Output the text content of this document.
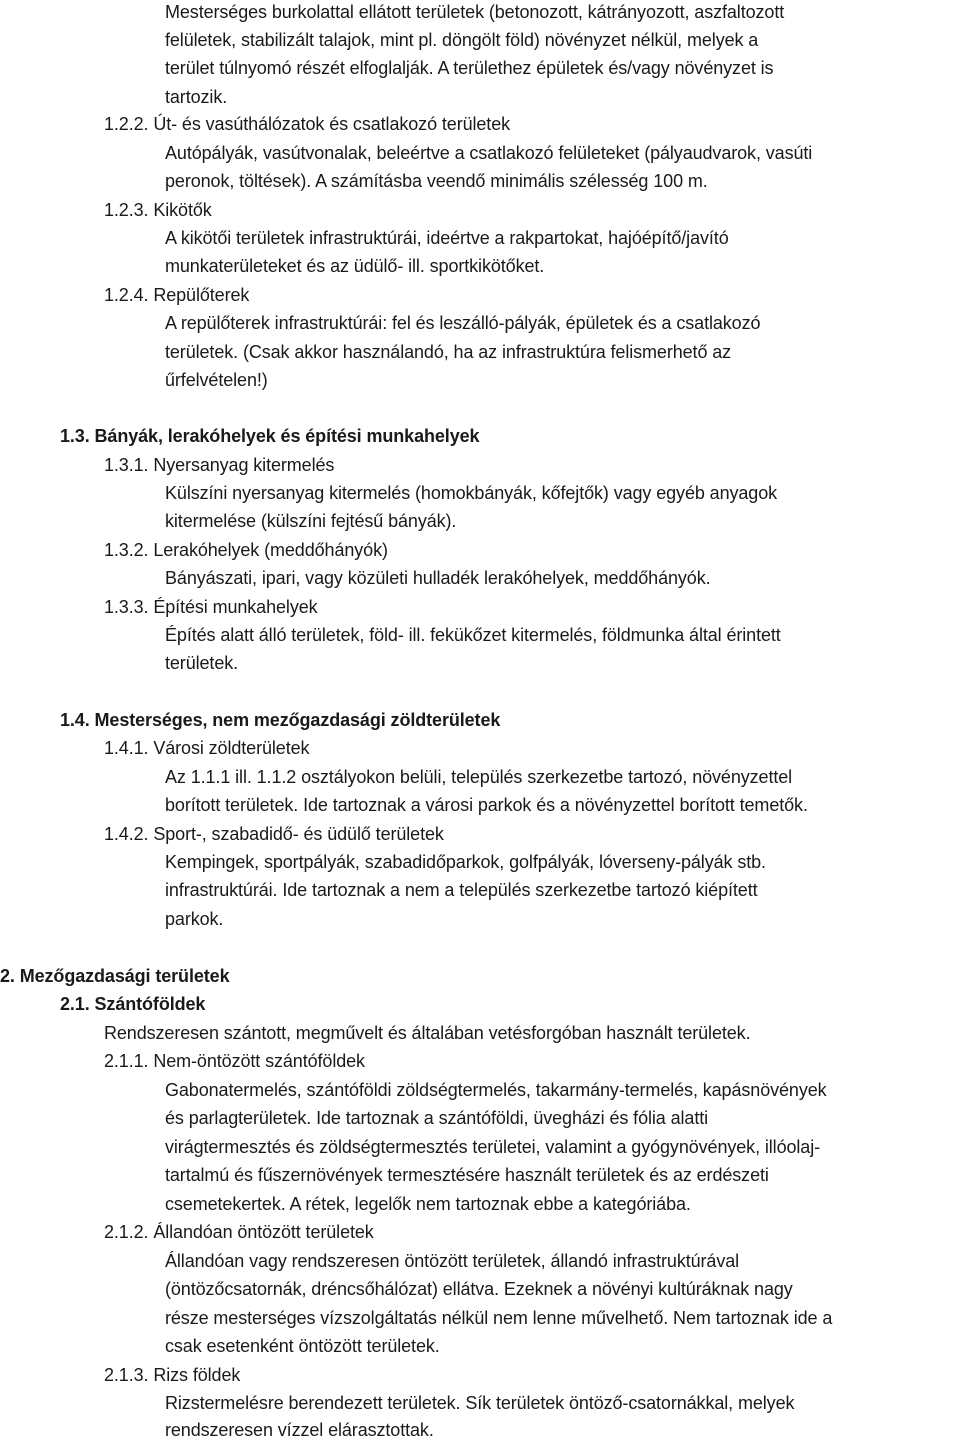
Mesterséges burkolattal ellátott területek (betonozott, kátrányozott, aszfaltozott
felületek, stabilizált talajok, mint pl. döngölt föld) növényzet nélkül, melyek a
terület túlnyomó részét elfoglalják. A területhez épületek és/vagy növényzet is
tartozik.
1.2.2. Út- és vasúthálózatok és csatlakozó területek
Autópályák, vasútvonalak, beleértve a csatlakozó felületeket (pályaudvarok, vasúti
peronok, töltések). A számításba veendő minimális szélesség 100 m.
1.2.3. Kikötők
A kikötői területek infrastruktúrái, ideértve a rakpartokat, hajóépítő/javító
munkaterületeket és az üdülő- ill. sportkikötőket.
1.2.4. Repülőterek
A repülőterek infrastruktúrái: fel és leszálló-pályák, épületek és a csatlakozó
területek. (Csak akkor használandó, ha az infrastruktúra felismerhető az
űrfelvételen!)
1.3. Bányák, lerakóhelyek és építési munkahelyek
1.3.1. Nyersanyag kitermelés
Külszíni nyersanyag kitermelés (homokbányák, kőfejtők) vagy egyéb anyagok
kitermelése (külszíni fejtésű bányák).
1.3.2. Lerakóhelyek (meddőhányók)
Bányászati, ipari, vagy közületi hulladék lerakóhelyek, meddőhányók.
1.3.3. Építési munkahelyek
Építés alatt álló területek, föld- ill. fekükőzet kitermelés, földmunka által érintett
területek.
1.4. Mesterséges, nem mezőgazdasági zöldterületek
1.4.1. Városi zöldterületek
Az 1.1.1 ill. 1.1.2 osztályokon belüli, település szerkezetbe tartozó, növényzettel
borított területek. Ide tartoznak a városi parkok és a növényzettel borított temetők.
1.4.2. Sport-, szabadidő- és üdülő területek
Kempingek, sportpályák, szabadidőparkok, golfpályák, lóverseny-pályák stb.
infrastruktúrái. Ide tartoznak a nem a település szerkezetbe tartozó kiépített
parkok.
2. Mezőgazdasági területek
2.1. Szántóföldek
Rendszeresen szántott, megművelt és általában vetésforgóban használt területek.
2.1.1. Nem-öntözött szántóföldek
Gabonatermelés, szántóföldi zöldségtermelés, takarmány-termelés, kapásnövények
és parlagterületek. Ide tartoznak a szántóföldi, üvegházi és fólia alatti
virágtermesztés és zöldségtermesztés területei, valamint a gyógynövények, illóolaj-
tartalmú és fűszernövények termesztésére használt területek és az erdészeti
csemetekertek. A rétek, legelők nem tartoznak ebbe a kategóriába.
2.1.2. Állandóan öntözött területek
Állandóan vagy rendszeresen öntözött területek, állandó infrastruktúrával
(öntözőcsatornák, dréncsőhálózat) ellátva. Ezeknek a növényi kultúráknak nagy
része mesterséges vízszolgáltatás nélkül nem lenne művelhető. Nem tartoznak ide a
csak esetenként öntözött területek.
2.1.3. Rizs földek
Rizstermelésre berendezett területek. Sík területek öntöző-csatornákkal, melyek
rendszeresen vízzel elárasztottak.
